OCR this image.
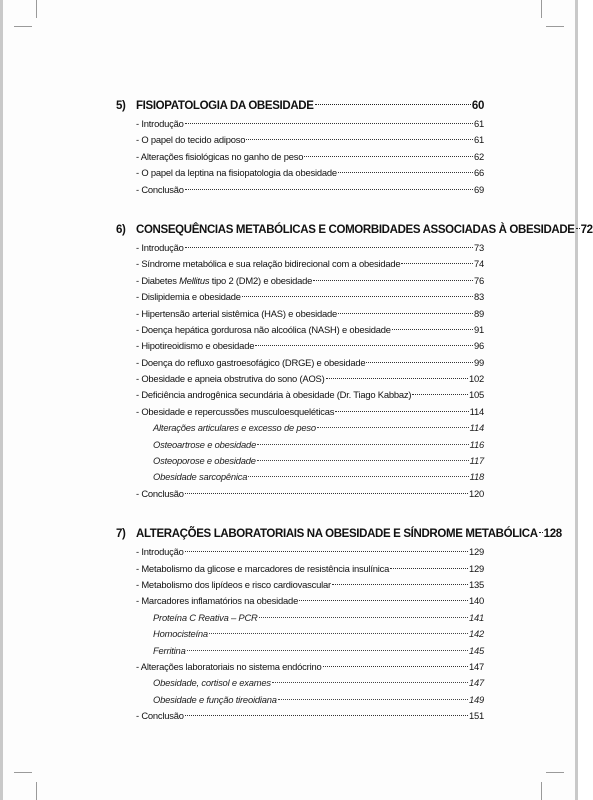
5) FISIOPATOLOGIA DA OBESIDADE	60
- Introdução	61
- O papel do tecido adiposo	61
- Alterações fisiológicas no ganho de peso	62
- O papel da leptina na fisiopatologia da obesidade	66
- Conclusão	69
6) CONSEQUÊNCIAS METABÓLICAS E COMORBIDADES ASSOCIADAS À OBESIDADE 72
- Introdução	73
- Síndrome metabólica e sua relação bidirecional com a obesidade	74
- Diabetes Mellitus tipo 2 (DM2) e obesidade	76
- Dislipidemia e obesidade	83
- Hipertensão arterial sistêmica (HAS) e obesidade	89
- Doença hepática gordurosa não alcoólica (NASH) e obesidade	91
- Hipotireoidismo e obesidade	96
- Doença do refluxo gastroesofágico (DRGE) e obesidade	99
- Obesidade e apneia obstrutiva do sono (AOS)	102
- Deficiência androgênica secundária à obesidade (Dr. Tiago Kabbaz)	105
- Obesidade e repercussões musculoesqueléticas	114
Alterações articulares e excesso de peso	114
Osteoartrose e obesidade	116
Osteoporose e obesidade	117
Obesidade sarcopênica	118
- Conclusão	120
7) ALTERAÇÕES LABORATORIAIS NA OBESIDADE E SÍNDROME METABÓLICA 128
- Introdução	129
- Metabolismo da glicose e marcadores de resistência insulínica	129
- Metabolismo dos lipídeos e risco cardiovascular	135
- Marcadores inflamatórios na obesidade	140
Proteína C Reativa – PCR	141
Homocisteína	142
Ferritina	145
- Alterações laboratoriais no sistema endócrino	147
Obesidade, cortisol e exames	147
Obesidade e função tireoidiana	149
- Conclusão	151
